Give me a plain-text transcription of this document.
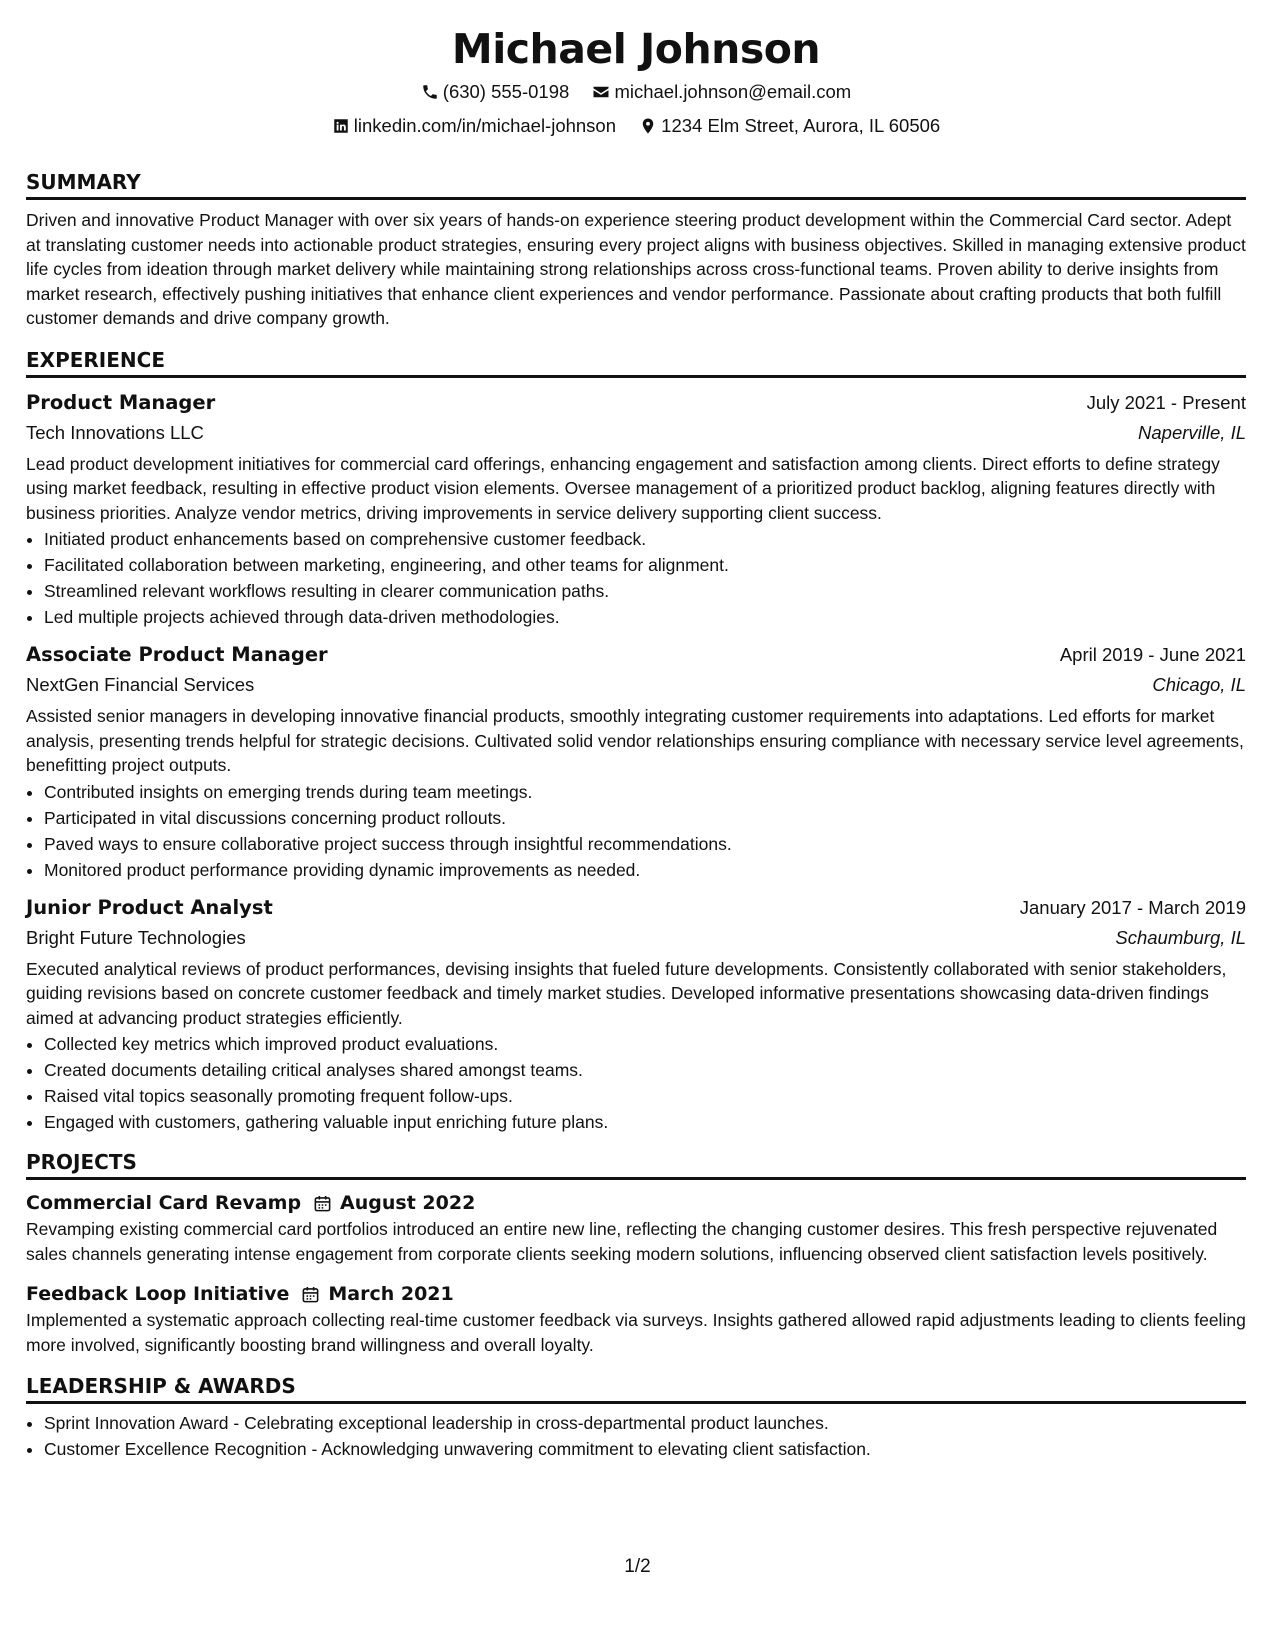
Michael Johnson
(630) 555-0198
michael.johnson@email.com
linkedin.com/in/michael-johnson
1234 Elm Street, Aurora, IL 60506
SUMMARY

Driven and innovative Product Manager with over six years of hands-on experience steering product development within the Commercial Card sector. Adept at translating customer needs into actionable product strategies, ensuring every project aligns with business objectives. Skilled in managing extensive product life cycles from ideation through market delivery while maintaining strong relationships across cross-functional teams. Proven ability to derive insights from market research, effectively pushing initiatives that enhance client experiences and vendor performance. Passionate about crafting products that both fulfill customer demands and drive company growth.

EXPERIENCE
Product Manager	July 2021 - Present
Tech Innovations LLC	Naperville, IL

Lead product development initiatives for commercial card offerings, enhancing engagement and satisfaction among clients. Direct efforts to define strategy using market feedback, resulting in effective product vision elements. Oversee management of a prioritized product backlog, aligning features directly with business priorities. Analyze vendor metrics, driving improvements in service delivery supporting client success.

• Initiated product enhancements based on comprehensive customer feedback.
• Facilitated collaboration between marketing, engineering, and other teams for alignment.
• Streamlined relevant workflows resulting in clearer communication paths.
• Led multiple projects achieved through data-driven methodologies.
Associate Product Manager	April 2019 - June 2021
NextGen Financial Services	Chicago, IL

Assisted senior managers in developing innovative financial products, smoothly integrating customer requirements into adaptations. Led efforts for market analysis, presenting trends helpful for strategic decisions. Cultivated solid vendor relationships ensuring compliance with necessary service level agreements, benefitting project outputs.

• Contributed insights on emerging trends during team meetings.
• Participated in vital discussions concerning product rollouts.
• Paved ways to ensure collaborative project success through insightful recommendations.
• Monitored product performance providing dynamic improvements as needed.
Junior Product Analyst	January 2017 - March 2019
Bright Future Technologies	Schaumburg, IL

Executed analytical reviews of product performances, devising insights that fueled future developments. Consistently collaborated with senior stakeholders, guiding revisions based on concrete customer feedback and timely market studies. Developed informative presentations showcasing data-driven findings aimed at advancing product strategies efficiently.

• Collected key metrics which improved product evaluations.
• Created documents detailing critical analyses shared amongst teams.
• Raised vital topics seasonally promoting frequent follow-ups.
• Engaged with customers, gathering valuable input enriching future plans.
PROJECTS
Commercial Card Revamp August 2022

Revamping existing commercial card portfolios introduced an entire new line, reflecting the changing customer desires. This fresh perspective rejuvenated sales channels generating intense engagement from corporate clients seeking modern solutions, influencing observed client satisfaction levels positively.

Feedback Loop Initiative March 2021

Implemented a systematic approach collecting real-time customer feedback via surveys. Insights gathered allowed rapid adjustments leading to clients feeling more involved, significantly boosting brand willingness and overall loyalty.

LEADERSHIP & AWARDS
• Sprint Innovation Award - Celebrating exceptional leadership in cross-departmental product launches.
• Customer Excellence Recognition - Acknowledging unwavering commitment to elevating client satisfaction.
1/2
